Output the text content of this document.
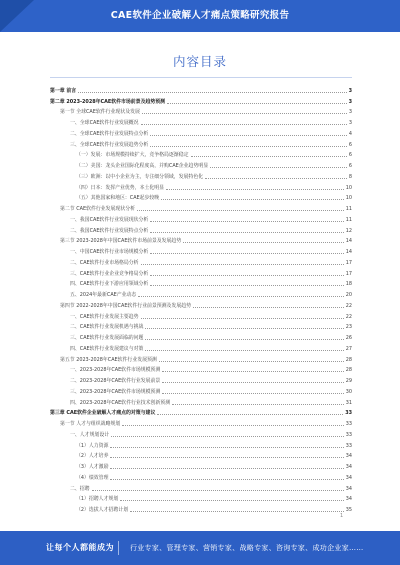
CAE软件企业破解人才痛点策略研究报告
内容目录
第一章 前言	3
第二章 2023-2028年CAE软件市场前景及趋势预测	3
第一节 全球CAE软件行业现状及发展	3
一、全球CAE软件行业发展概况	3
二、全球CAE软件行业发展特点分析	4
三、全球CAE软件行业发展趋势分析	6
（一）发展：市场规模持续扩大，竞争格局逐渐稳定	6
（二）美国：龙头企业国际化程度高，并购CAE企业趋势明显	6
（三）欧洲：以中小企业为主，专注细分领域，发展特色化	8
（四）日本：发挥产业优势，本土化明显	10
（五）其他国家和地区：CAE起步较晚	10
第二节 CAE软件行业发展现状分析	11
一、我国CAE软件行业发展现状分析	11
二、我国CAE软件行业发展特点分析	12
第三节 2023-2028年中国CAE软件市场前景及发展趋势	14
一、中国CAE软件行业市场规模分析	14
二、CAE软件行业市场格局分析	17
三、CAE软件行业企业竞争格局分析	17
四、CAE软件行业下游应用领域分析	18
五、2024年最新CAE产业动态	20
第四节 2022-2028年中国CAE软件行业前景预测及发展趋势	22
一、CAE软件行业发展主要趋势	22
二、CAE软件行业发展机遇与挑战	23
三、CAE软件行业发展面临的问题	26
四、CAE软件行业发展建议与对策	27
第五节 2023-2028年CAE软件行业发展预测	28
一、2023-2028年CAE软件市场规模预测	28
二、2023-2028年CAE软件行业发展前景	29
三、2023-2028年CAE软件市场规模预测	30
四、2023-2028年CAE软件行业技术创新预测	31
第三章 CAE软件企业破解人才痛点的对策与建议	33
第一节 人才与组织战略规划	33
一、人才规划设计	33
（1）人力资源	33
（2）人才培养	34
（3）人才激励	34
（4）绩效管理	34
二、招聘	34
（1）招聘人才规划	34
（2）选拔人才招聘计划	35
1
让每个人都能成为 行业专家、管理专家、营销专家、战略专家、咨询专家、成功企业家……
